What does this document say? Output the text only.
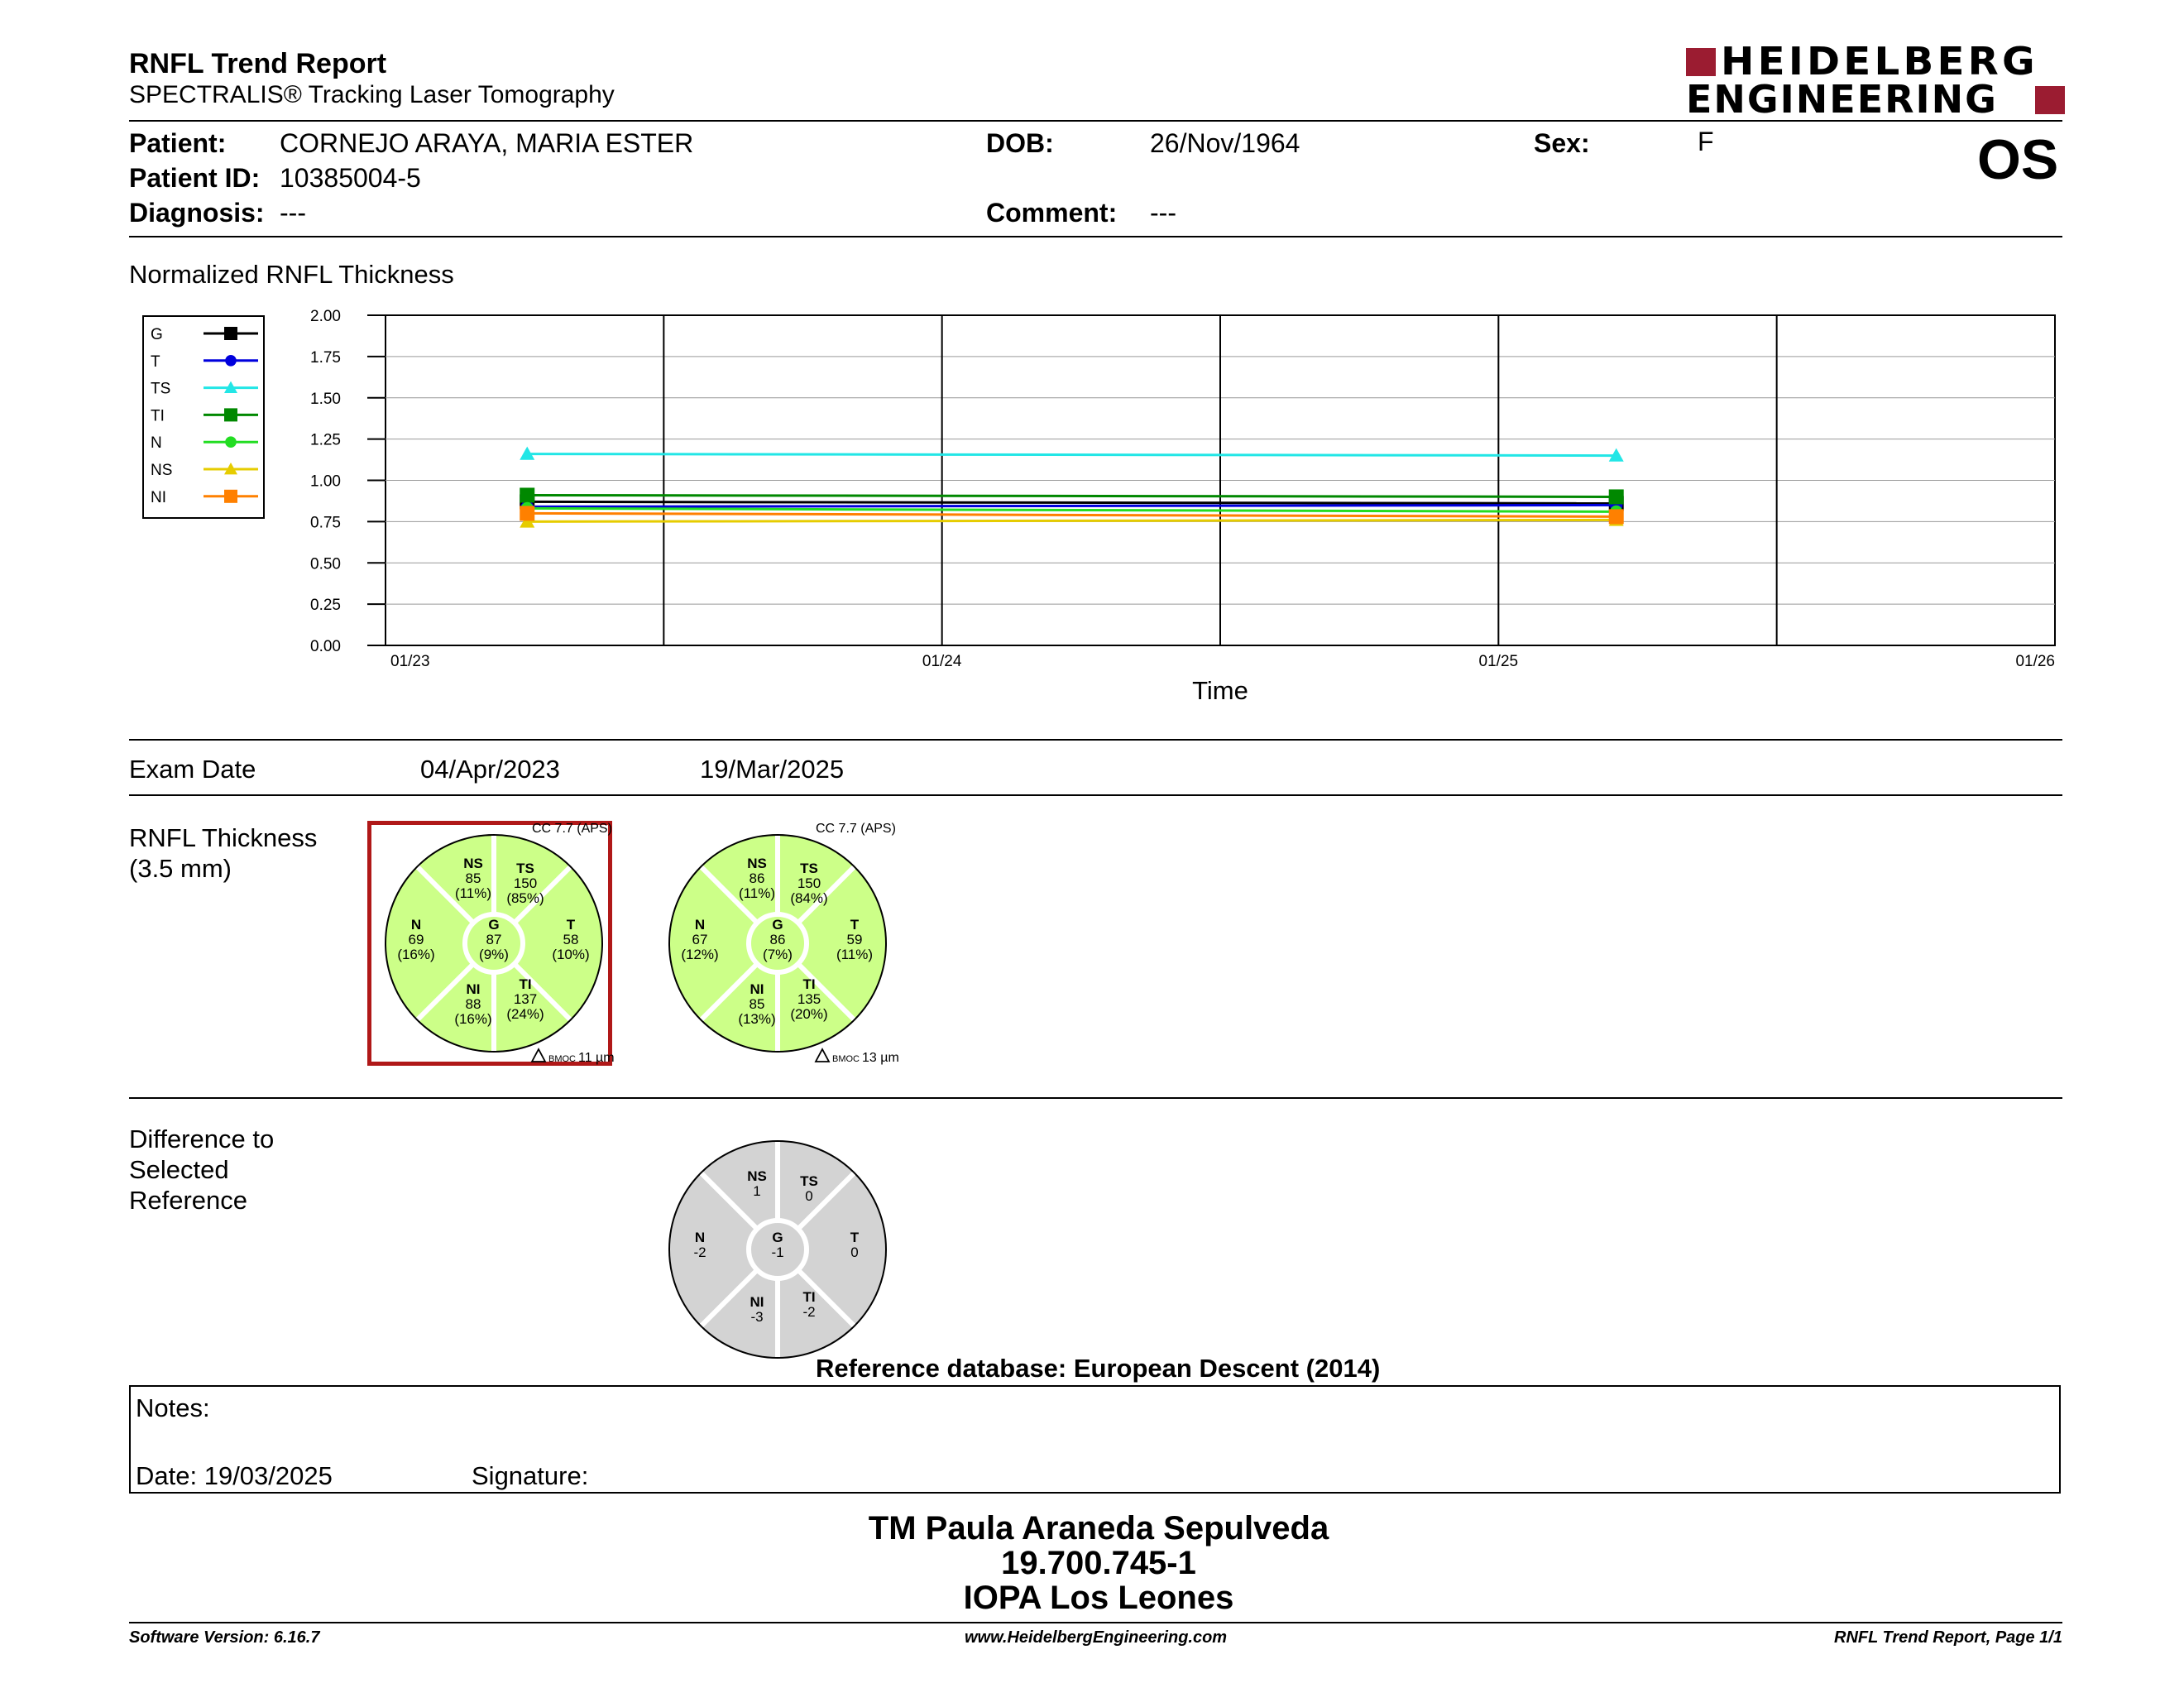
RNFL Trend Report
SPECTRALIS® Tracking Laser Tomography
HEIDELBERG
ENGINEERING
Patient: CORNEJO ARAYA, MARIA ESTER
Patient ID: 10385004-5
Diagnosis: ---
DOB:	26/Nov/1964
Comment: ---
Sex:	F	OS
Normalized RNFL Thickness
0.00
0.25
0.50
0.75
1.00
1.25
1.50
1.75
2.00
01/23	01/24	01/25	01/26
Time
G
T
TS
TI
N
NS
NI
Exam Date	04/Apr/2023	19/Mar/2025
RNFL Thickness
(3.5 mm)	NS
85
(11%)
TS
150
(85%)
N
69
(16%)
G
87
(9%)
T
58
(10%)
NI
88
(16%)
TI
137
(24%)
CC 7.7 (APS)
BMOC 11 µm
NS
86
(11%)
TS
150
(84%)
N
67
(12%)
G
86
(7%)
T
59
(11%)
NI
85
(13%)
TI
135
(20%)
CC 7.7 (APS)
BMOC 13 µm
NS
1
TS
0
N
-2
G
-1
T
0
NI
-3
TI
-2
Difference to
Selected
Reference
Reference database: European Descent (2014)
Notes:
Date: 19/03/2025	Signature:
TM Paula Araneda Sepulveda
19.700.745-1
IOPA Los Leones
Software Version: 6.16.7	www.HeidelbergEngineering.com	RNFL Trend Report, Page 1/1
